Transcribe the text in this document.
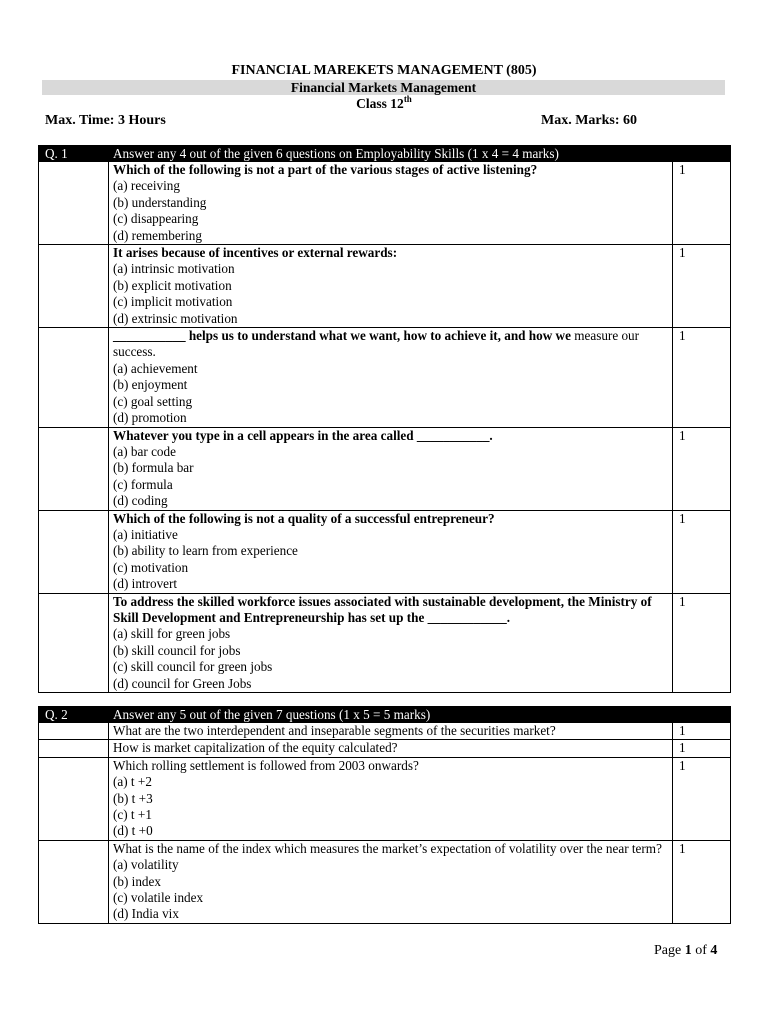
FINANCIAL MAREKETS MANAGEMENT (805)
Financial Markets Management
Class 12th
Max. Time: 3 Hours	Max. Marks: 60
Q. 1	Answer any 4 out of the given 6 questions on Employability Skills (1 x 4 = 4 marks)	
	Which of the following is not a part of the various stages of active listening?
(a) receiving
(b) understanding
(c) disappearing
(d) remembering	1
	It arises because of incentives or external rewards:
(a) intrinsic motivation
(b) explicit motivation
(c) implicit motivation
(d) extrinsic motivation	1
	___________ helps us to understand what we want, how to achieve it, and how we measure our success.
(a) achievement
(b) enjoyment
(c) goal setting
(d) promotion	1
	Whatever you type in a cell appears in the area called ___________.
(a) bar code
(b) formula bar
(c) formula
(d) coding	1
	Which of the following is not a quality of a successful entrepreneur?
(a) initiative
(b) ability to learn from experience
(c) motivation
(d) introvert	1
	To address the skilled workforce issues associated with sustainable development, the Ministry of Skill Development and Entrepreneurship has set up the ____________.
(a) skill for green jobs
(b) skill council for jobs
(c) skill council for green jobs
(d) council for Green Jobs	1
Q. 2	Answer any 5 out of the given 7 questions (1 x 5 = 5 marks)	
	What are the two interdependent and inseparable segments of the securities market?	1
	How is market capitalization of the equity calculated?	1
	Which rolling settlement is followed from 2003 onwards?
(a) t +2
(b) t +3
(c) t +1
(d) t +0	1
	What is the name of the index which measures the market’s expectation of volatility over the near term?
(a) volatility
(b) index
(c) volatile index
(d) India vix	1
Page 1 of 4
